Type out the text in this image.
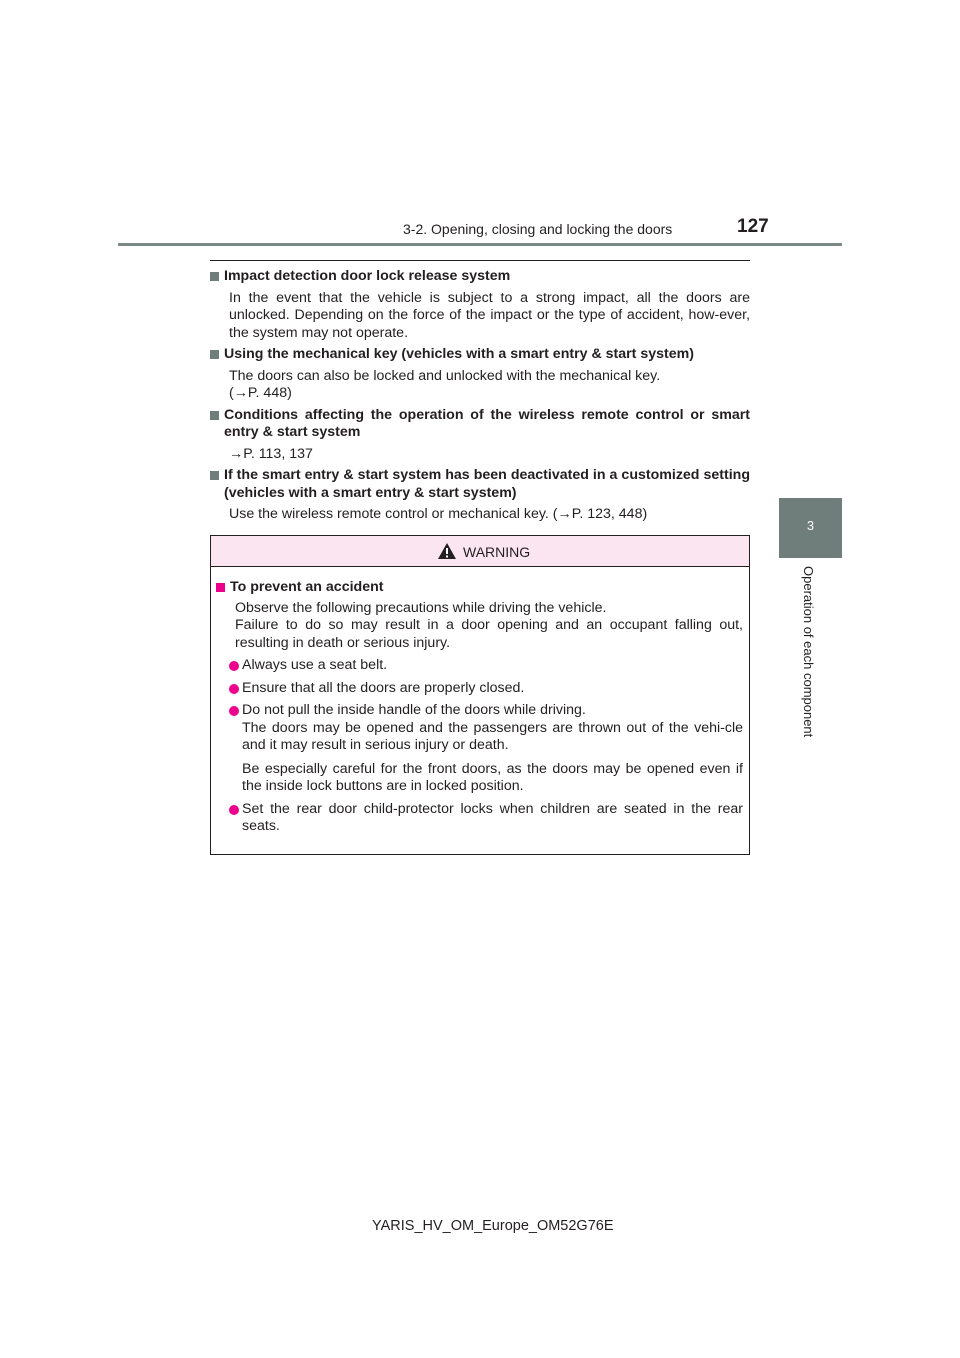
3-2. Opening, closing and locking the doors	127
3
Operation of each component
Impact detection door lock release system
In the event that the vehicle is subject to a strong impact, all the doors are unlocked. Depending on the force of the impact or the type of accident, how-ever, the system may not operate.
Using the mechanical key (vehicles with a smart entry & start system)
The doors can also be locked and unlocked with the mechanical key.
(→P. 448)
Conditions affecting the operation of the wireless remote control or smart entry & start system
→P. 113, 137
If the smart entry & start system has been deactivated in a customized setting (vehicles with a smart entry & start system)
Use the wireless remote control or mechanical key. (→P. 123, 448)
WARNING
To prevent an accident
Observe the following precautions while driving the vehicle.
Failure to do so may result in a door opening and an occupant falling out, resulting in death or serious injury.
Always use a seat belt.
Ensure that all the doors are properly closed.
Do not pull the inside handle of the doors while driving.
The doors may be opened and the passengers are thrown out of the vehi-cle and it may result in serious injury or death.
Be especially careful for the front doors, as the doors may be opened even if the inside lock buttons are in locked position.
Set the rear door child-protector locks when children are seated in the rear seats.
YARIS_HV_OM_Europe_OM52G76E
